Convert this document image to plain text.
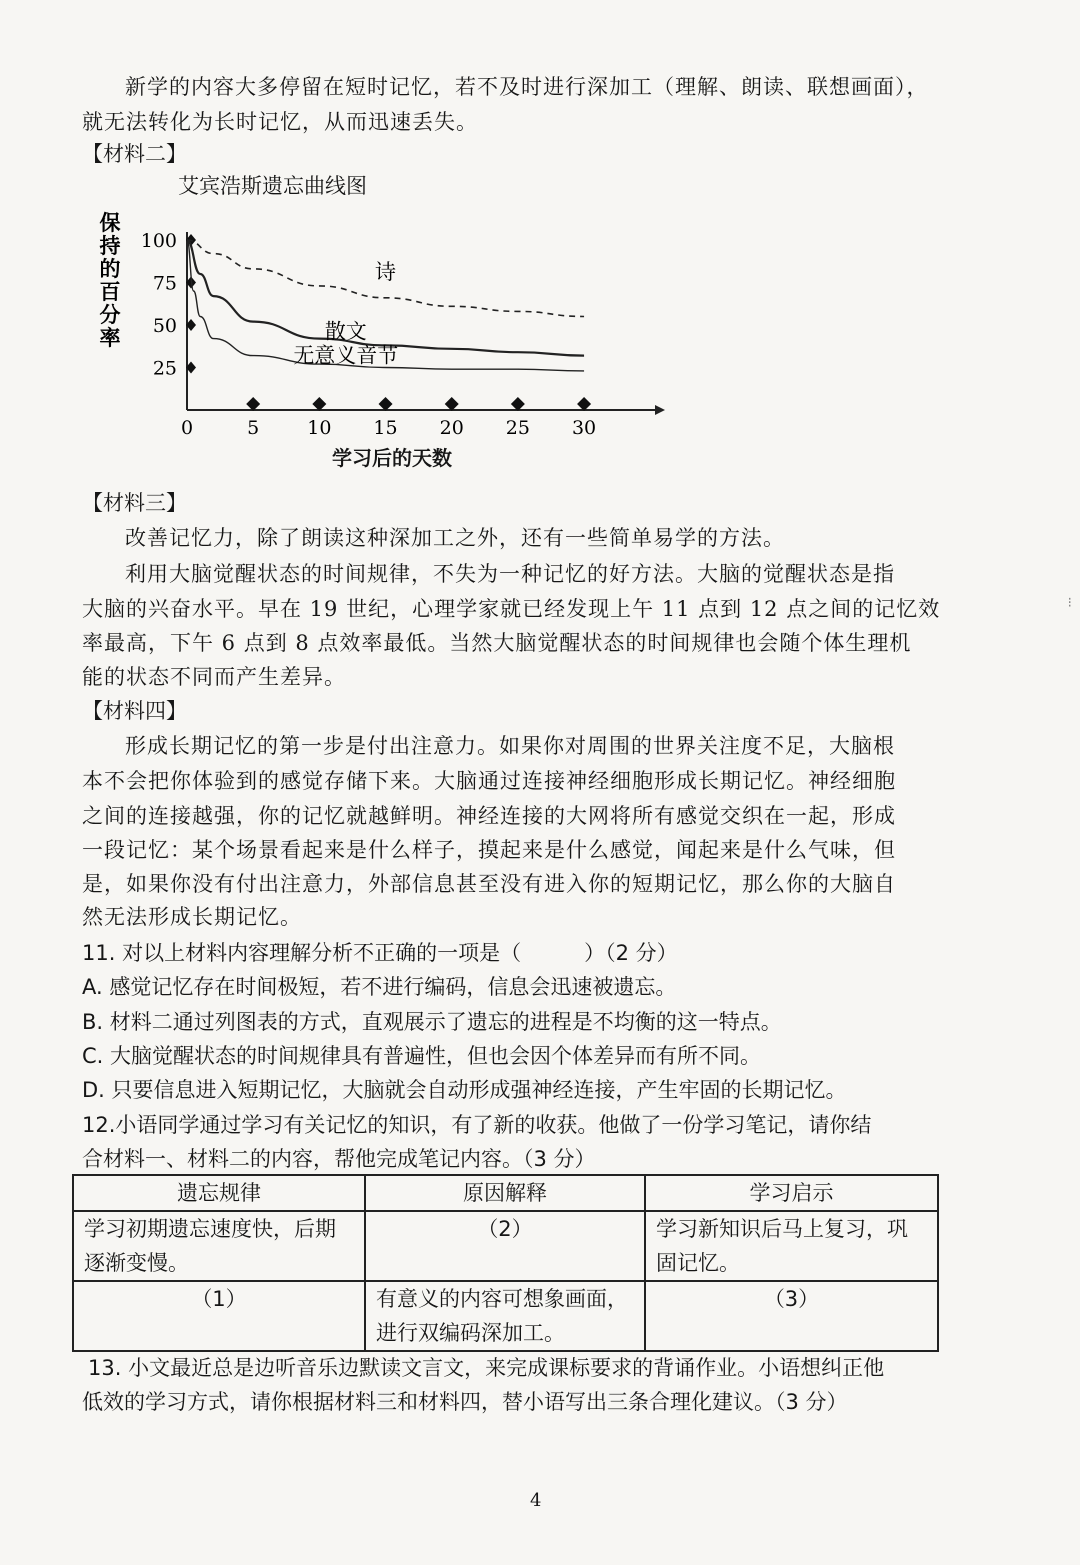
新学的内容大多停留在短时记忆，若不及时进行深加工（理解、朗读、联想画面），
就无法转化为长时记忆，从而迅速丢失。
【材料二】
艾宾浩斯遗忘曲线图
保
持
的
百
分
率
25
50
75
100
0	5	10 15 20 25 30
诗
散文
无意义音节
学习后的天数
【材料三】
改善记忆力，除了朗读这种深加工之外，还有一些简单易学的方法。
利用大脑觉醒状态的时间规律，不失为一种记忆的好方法。大脑的觉醒状态是指
大脑的兴奋水平。早在 19 世纪，心理学家就已经发现上午 11 点到 12 点之间的记忆效
率最高，下午 6 点到 8 点效率最低。当然大脑觉醒状态的时间规律也会随个体生理机
能的状态不同而产生差异。
【材料四】
形成长期记忆的第一步是付出注意力。如果你对周围的世界关注度不足，大脑根
本不会把你体验到的感觉存储下来。大脑通过连接神经细胞形成长期记忆。神经细胞
之间的连接越强，你的记忆就越鲜明。神经连接的大网将所有感觉交织在一起，形成
一段记忆：某个场景看起来是什么样子，摸起来是什么感觉，闻起来是什么气味，但
是，如果你没有付出注意力，外部信息甚至没有进入你的短期记忆，那么你的大脑自
然无法形成长期记忆。
11. 对以上材料内容理解分析不正确的一项是（　　　）（2 分）
A. 感觉记忆存在时间极短，若不进行编码，信息会迅速被遗忘。
B. 材料二通过列图表的方式，直观展示了遗忘的进程是不均衡的这一特点。
C. 大脑觉醒状态的时间规律具有普遍性，但也会因个体差异而有所不同。
D. 只要信息进入短期记忆，大脑就会自动形成强神经连接，产生牢固的长期记忆。
12.小语同学通过学习有关记忆的知识，有了新的收获。他做了一份学习笔记，请你结
合材料一、材料二的内容，帮他完成笔记内容。（3 分）
遗忘规律	原因解释	学习启示
学习初期遗忘速度快，后期逐渐变慢。	（2）	学习新知识后马上复习，巩固记忆。
（1）	有意义的内容可想象画面，进行双编码深加工。	（3）
13. 小文最近总是边听音乐边默读文言文，来完成课标要求的背诵作业。小语想纠正他
低效的学习方式，请你根据材料三和材料四，替小语写出三条合理化建议。（3 分）
4
⁝
